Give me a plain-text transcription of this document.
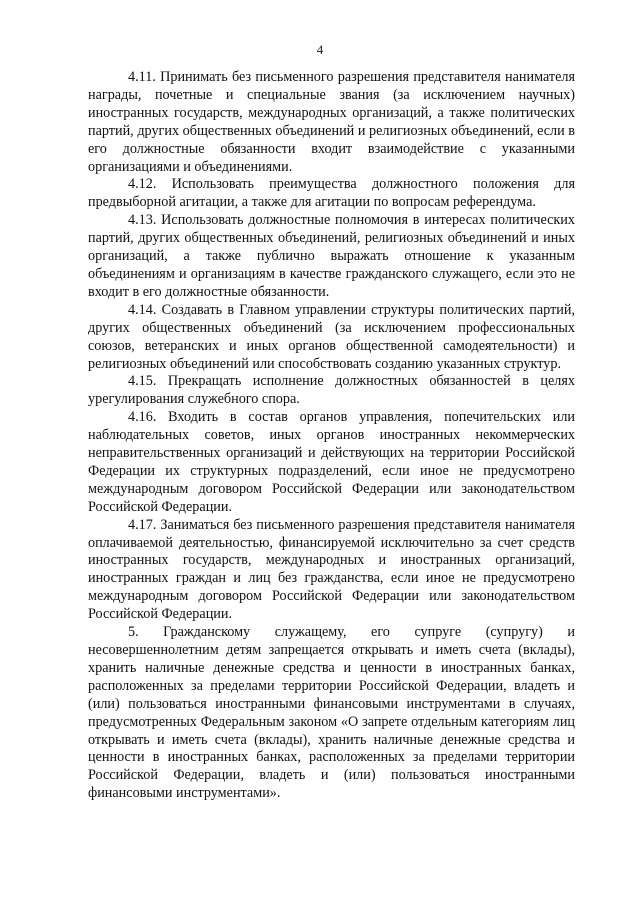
4

4.11. Принимать без письменного разрешения представителя нанимателя награды, почетные и специальные звания (за исключением научных) иностранных государств, международных организаций, а также политических партий, других общественных объединений и религиозных объединений, если в его должностные обязанности входит взаимодействие с указанными организациями и объединениями.

4.12. Использовать преимущества должностного положения для предвыборной агитации, а также для агитации по вопросам референдума.

4.13. Использовать должностные полномочия в интересах политических партий, других общественных объединений, религиозных объединений и иных организаций, а также публично выражать отношение к указанным объединениям и организациям в качестве гражданского служащего, если это не входит в его должностные обязанности.

4.14. Создавать в Главном управлении структуры политических партий, других общественных объединений (за исключением профессиональных союзов, ветеранских и иных органов общественной самодеятельности) и религиозных объединений или способствовать созданию указанных структур.

4.15. Прекращать исполнение должностных обязанностей в целях урегулирования служебного спора.

4.16. Входить в состав органов управления, попечительских или наблюдательных советов, иных органов иностранных некоммерческих неправительственных организаций и действующих на территории Российской Федерации их структурных подразделений, если иное не предусмотрено международным договором Российской Федерации или законодательством Российской Федерации.

4.17. Заниматься без письменного разрешения представителя нанимателя оплачиваемой деятельностью, финансируемой исключительно за счет средств иностранных государств, международных и иностранных организаций, иностранных граждан и лиц без гражданства, если иное не предусмотрено международным договором Российской Федерации или законодательством Российской Федерации.

5. Гражданскому служащему, его супруге (супругу) и несовершеннолетним детям запрещается открывать и иметь счета (вклады), хранить наличные денежные средства и ценности в иностранных банках, расположенных за пределами территории Российской Федерации, владеть и (или) пользоваться иностранными финансовыми инструментами в случаях, предусмотренных Федеральным законом «О запрете отдельным категориям лиц открывать и иметь счета (вклады), хранить наличные денежные средства и ценности в иностранных банках, расположенных за пределами территории Российской Федерации, владеть и (или) пользоваться иностранными финансовыми инструментами».
